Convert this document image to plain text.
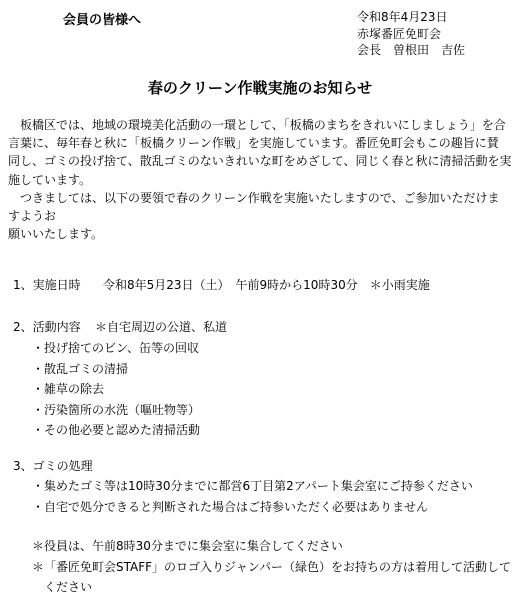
会員の皆様へ	令和8年4月23日
赤塚番匠免町会
会長　曽根田　吉佐
春のクリーン作戦実施のお知らせ
　板橋区では、地域の環境美化活動の一環として、「板橋のまちをきれいにしましょう」を合
言葉に、毎年春と秋に「板橋クリーン作戦」を実施しています。番匠免町会もこの趣旨に賛
同し、ゴミの投げ捨て、散乱ゴミのないきれいな町をめざして、同じく春と秋に清掃活動を実
施しています。
　つきましては、以下の要領で春のクリーン作戦を実施いたしますので、ご参加いただけま
すようお
願いいたします。
1、実施日時 令和8年5月23日（土）　午前9時から10時30分　＊小雨実施
2、活動内容 ＊自宅周辺の公道、私道
・投げ捨てのビン、缶等の回収
・散乱ゴミの清掃
・雑草の除去
・汚染箇所の水洗（嘔吐物等）
・その他必要と認めた清掃活動
3、ゴミの処理
・集めたゴミ等は10時30分までに都営6丁目第2アパート集会室にご持参ください
・自宅で処分できると判断された場合はご持参いただく必要はありません
＊役員は、午前8時30分までに集会室に集合してください
＊「番匠免町会STAFF」のロゴ入りジャンパー（緑色）をお持ちの方は着用して活動して
　ください
